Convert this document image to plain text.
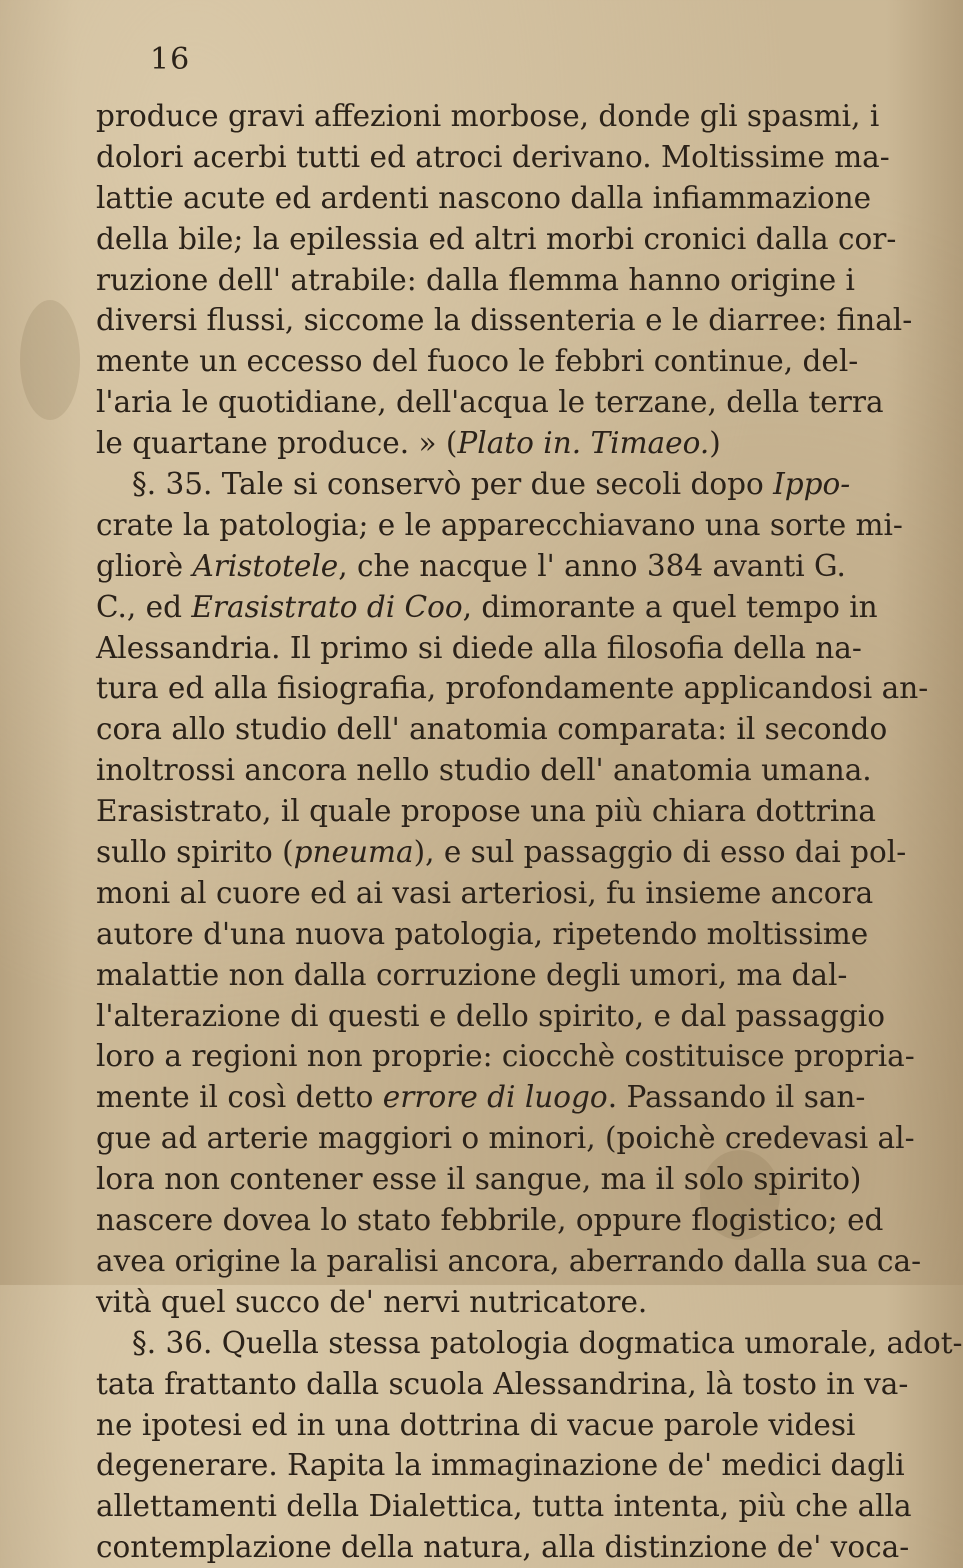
16
produce gravi affezioni morbose, donde gli spasmi, i
dolori acerbi tutti ed atroci derivano. Moltissime ma-
lattie acute ed ardenti nascono dalla infiammazione
della bile; la epilessia ed altri morbi cronici dalla cor-
ruzione dell' atrabile: dalla flemma hanno origine i
diversi flussi, siccome la dissenteria e le diarree: final-
mente un eccesso del fuoco le febbri continue, del-
l'aria le quotidiane, dell'acqua le terzane, della terra
le quartane produce. » (Plato in. Timaeo.)
§. 35. Tale si conservò per due secoli dopo Ippo-
crate la patologia; e le apparecchiavano una sorte mi-
gliorè Aristotele, che nacque l' anno 384 avanti G.
C., ed Erasistrato di Coo, dimorante a quel tempo in
Alessandria. Il primo si diede alla filosofia della na-
tura ed alla fisiografia, profondamente applicandosi an-
cora allo studio dell' anatomia comparata: il secondo
inoltrossi ancora nello studio dell' anatomia umana.
Erasistrato, il quale propose una più chiara dottrina
sullo spirito (pneuma), e sul passaggio di esso dai pol-
moni al cuore ed ai vasi arteriosi, fu insieme ancora
autore d'una nuova patologia, ripetendo moltissime
malattie non dalla corruzione degli umori, ma dal-
l'alterazione di questi e dello spirito, e dal passaggio
loro a regioni non proprie: ciocchè costituisce propria-
mente il così detto errore di luogo. Passando il san-
gue ad arterie maggiori o minori, (poichè credevasi al-
lora non contener esse il sangue, ma il solo spirito)
nascere dovea lo stato febbrile, oppure flogistico; ed
avea origine la paralisi ancora, aberrando dalla sua ca-
vità quel succo de' nervi nutricatore.
§. 36. Quella stessa patologia dogmatica umorale, adot-
tata frattanto dalla scuola Alessandrina, là tosto in va-
ne ipotesi ed in una dottrina di vacue parole videsi
degenerare. Rapita la immaginazione de' medici dagli
allettamenti della Dialettica, tutta intenta, più che alla
contemplazione della natura, alla distinzione de' voca-
